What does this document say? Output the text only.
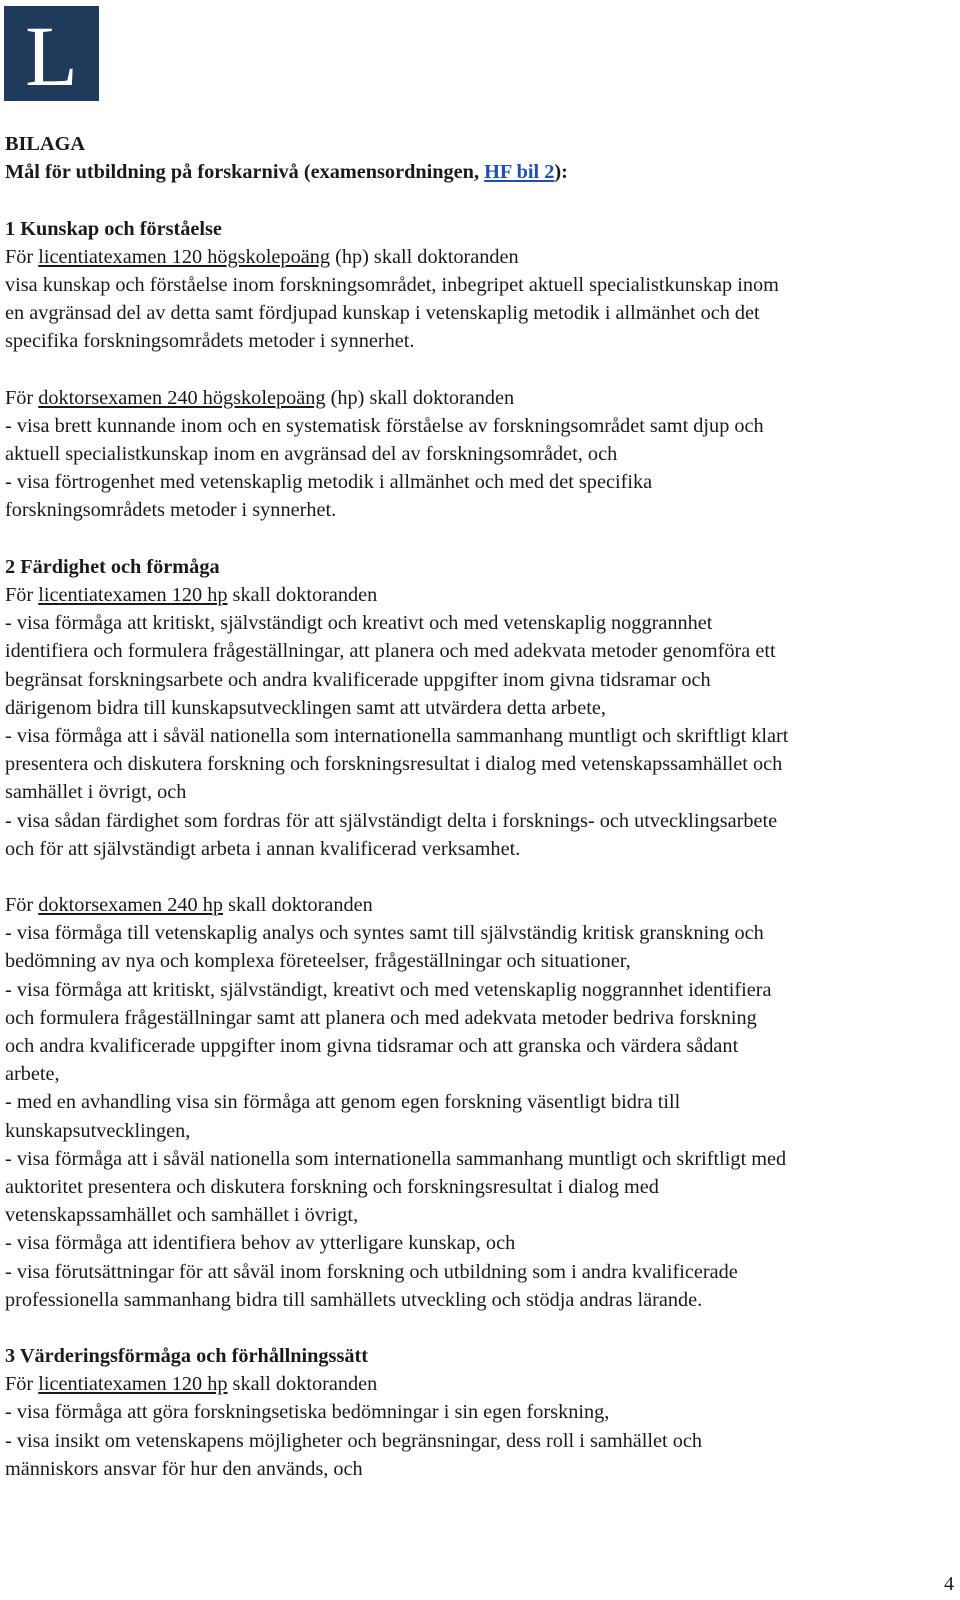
L
BILAGA
Mål för utbildning på forskarnivå (examensordningen, HF bil 2):
1 Kunskap och förståelse
För licentiatexamen 120 högskolepoäng (hp) skall doktoranden
visa kunskap och förståelse inom forskningsområdet, inbegripet aktuell specialistkunskap inom
en avgränsad del av detta samt fördjupad kunskap i vetenskaplig metodik i allmänhet och det
specifika forskningsområdets metoder i synnerhet.
För doktorsexamen 240 högskolepoäng (hp) skall doktoranden
- visa brett kunnande inom och en systematisk förståelse av forskningsområdet samt djup och
aktuell specialistkunskap inom en avgränsad del av forskningsområdet, och
- visa förtrogenhet med vetenskaplig metodik i allmänhet och med det specifika
forskningsområdets metoder i synnerhet.
2 Färdighet och förmåga
För licentiatexamen 120 hp skall doktoranden
- visa förmåga att kritiskt, självständigt och kreativt och med vetenskaplig noggrannhet
identifiera och formulera frågeställningar, att planera och med adekvata metoder genomföra ett
begränsat forskningsarbete och andra kvalificerade uppgifter inom givna tidsramar och
därigenom bidra till kunskapsutvecklingen samt att utvärdera detta arbete,
- visa förmåga att i såväl nationella som internationella sammanhang muntligt och skriftligt klart
presentera och diskutera forskning och forskningsresultat i dialog med vetenskapssamhället och
samhället i övrigt, och
- visa sådan färdighet som fordras för att självständigt delta i forsknings- och utvecklingsarbete
och för att självständigt arbeta i annan kvalificerad verksamhet.
För doktorsexamen 240 hp skall doktoranden
- visa förmåga till vetenskaplig analys och syntes samt till självständig kritisk granskning och
bedömning av nya och komplexa företeelser, frågeställningar och situationer,
- visa förmåga att kritiskt, självständigt, kreativt och med vetenskaplig noggrannhet identifiera
och formulera frågeställningar samt att planera och med adekvata metoder bedriva forskning
och andra kvalificerade uppgifter inom givna tidsramar och att granska och värdera sådant
arbete,
- med en avhandling visa sin förmåga att genom egen forskning väsentligt bidra till
kunskapsutvecklingen,
- visa förmåga att i såväl nationella som internationella sammanhang muntligt och skriftligt med
auktoritet presentera och diskutera forskning och forskningsresultat i dialog med
vetenskapssamhället och samhället i övrigt,
- visa förmåga att identifiera behov av ytterligare kunskap, och
- visa förutsättningar för att såväl inom forskning och utbildning som i andra kvalificerade
professionella sammanhang bidra till samhällets utveckling och stödja andras lärande.
3 Värderingsförmåga och förhållningssätt
För licentiatexamen 120 hp skall doktoranden
- visa förmåga att göra forskningsetiska bedömningar i sin egen forskning,
- visa insikt om vetenskapens möjligheter och begränsningar, dess roll i samhället och
människors ansvar för hur den används, och
4
